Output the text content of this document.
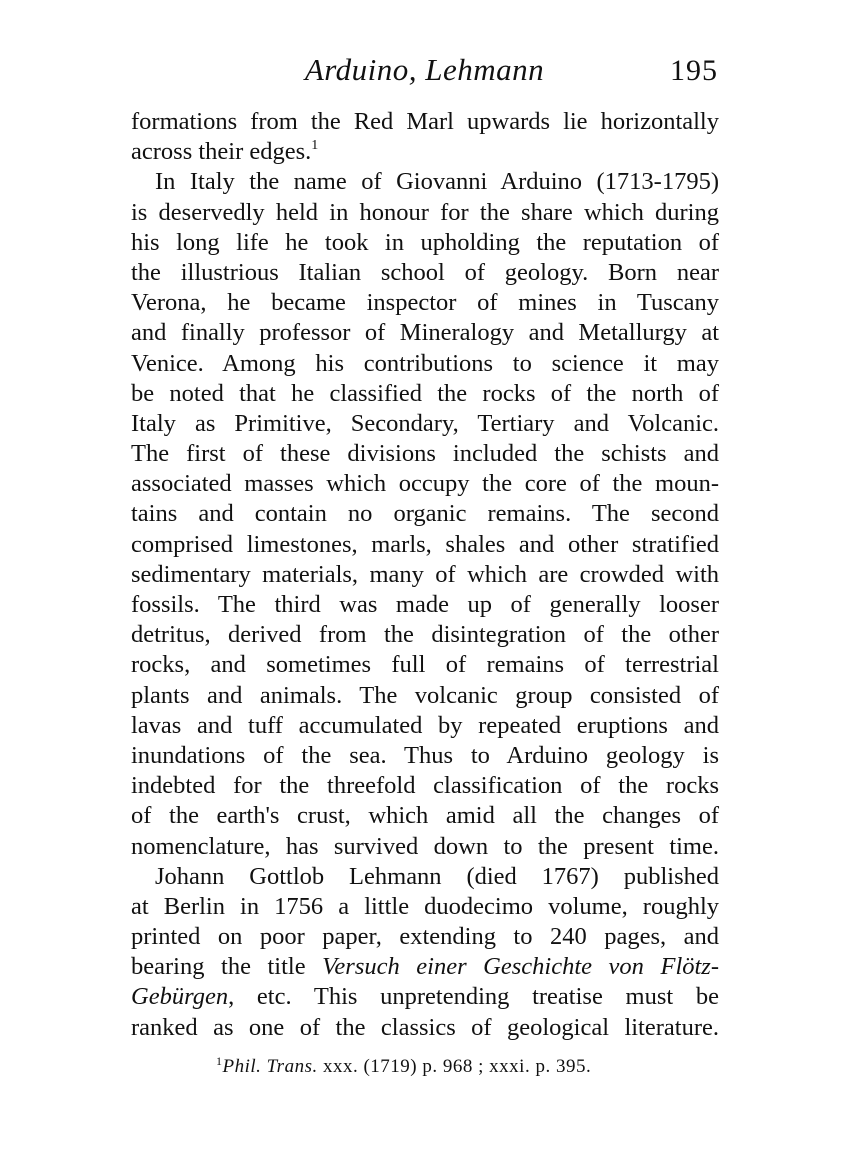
Arduino, Lehmann	195
formations from the Red Marl upwards lie horizontally
across their edges.$^1$
In Italy the name of Giovanni Arduino (1713-1795)
is deservedly held in honour for the share which during
his long life he took in upholding the reputation of
the illustrious Italian school of geology. Born near
Verona, he became inspector of mines in Tuscany
and finally professor of Mineralogy and Metallurgy at
Venice. Among his contributions to science it may
be noted that he classified the rocks of the north of
Italy as Primitive, Secondary, Tertiary and Volcanic.
The first of these divisions included the schists and
associated masses which occupy the core of the moun-
tains and contain no organic remains. The second
comprised limestones, marls, shales and other stratified
sedimentary materials, many of which are crowded with
fossils. The third was made up of generally looser
detritus, derived from the disintegration of the other
rocks, and sometimes full of remains of terrestrial
plants and animals. The volcanic group consisted of
lavas and tuff accumulated by repeated eruptions and
inundations of the sea. Thus to Arduino geology is
indebted for the threefold classification of the rocks
of the earth's crust, which amid all the changes of
nomenclature, has survived down to the present time.
Johann Gottlob Lehmann (died 1767) published
at Berlin in 1756 a little duodecimo volume, roughly
printed on poor paper, extending to 240 pages, and
bearing the title Versuch einer Geschichte von Flötz-
Gebürgen, etc. This unpretending treatise must be
ranked as one of the classics of geological literature.
$^1$Phil. Trans. xxx. (1719) p. 968 ; xxxi. p. 395.
